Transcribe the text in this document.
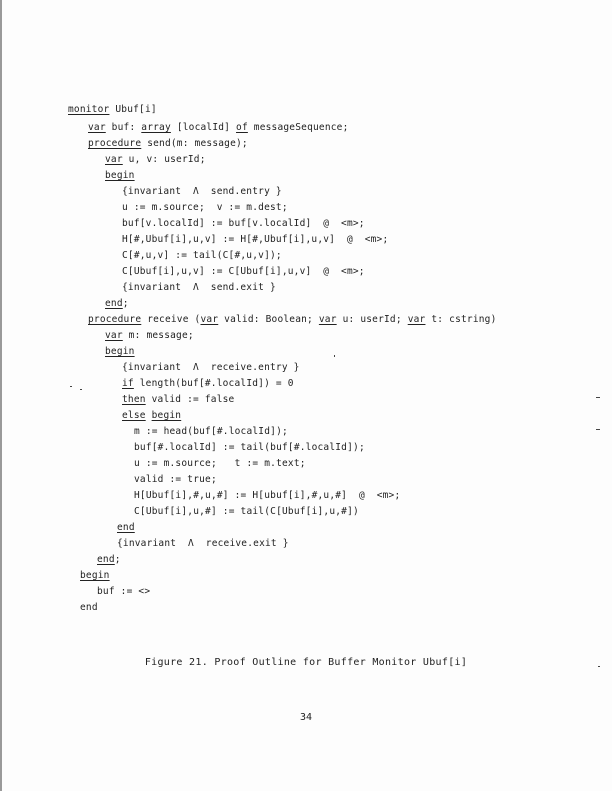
monitor Ubuf[i]
var buf: array [localId] of messageSequence;
procedure send(m: message);
var u, v: userId;
begin
{invariant  Λ  send.entry }
u := m.source;  v := m.dest;
buf[v.localId] := buf[v.localId]  @  <m>;
H[#,Ubuf[i],u,v] := H[#,Ubuf[i],u,v]  @  <m>;
C[#,u,v] := tail(C[#,u,v]);
C[Ubuf[i],u,v] := C[Ubuf[i],u,v]  @  <m>;
{invariant  Λ  send.exit }
end;
procedure receive (var valid: Boolean; var u: userId; var t: cstring)
var m: message;
begin
{invariant  Λ  receive.entry }
if length(buf[#.localId]) = 0
then valid := false
else begin
m := head(buf[#.localId]);
buf[#.localId] := tail(buf[#.localId]);
u := m.source;   t := m.text;
valid := true;
H[Ubuf[i],#,u,#] := H[ubuf[i],#,u,#]  @  <m>;
C[Ubuf[i],u,#] := tail(C[Ubuf[i],u,#])
end
{invariant  Λ  receive.exit }
end;
begin
buf := <>
end
Figure 21. Proof Outline for Buffer Monitor Ubuf[i]
34
